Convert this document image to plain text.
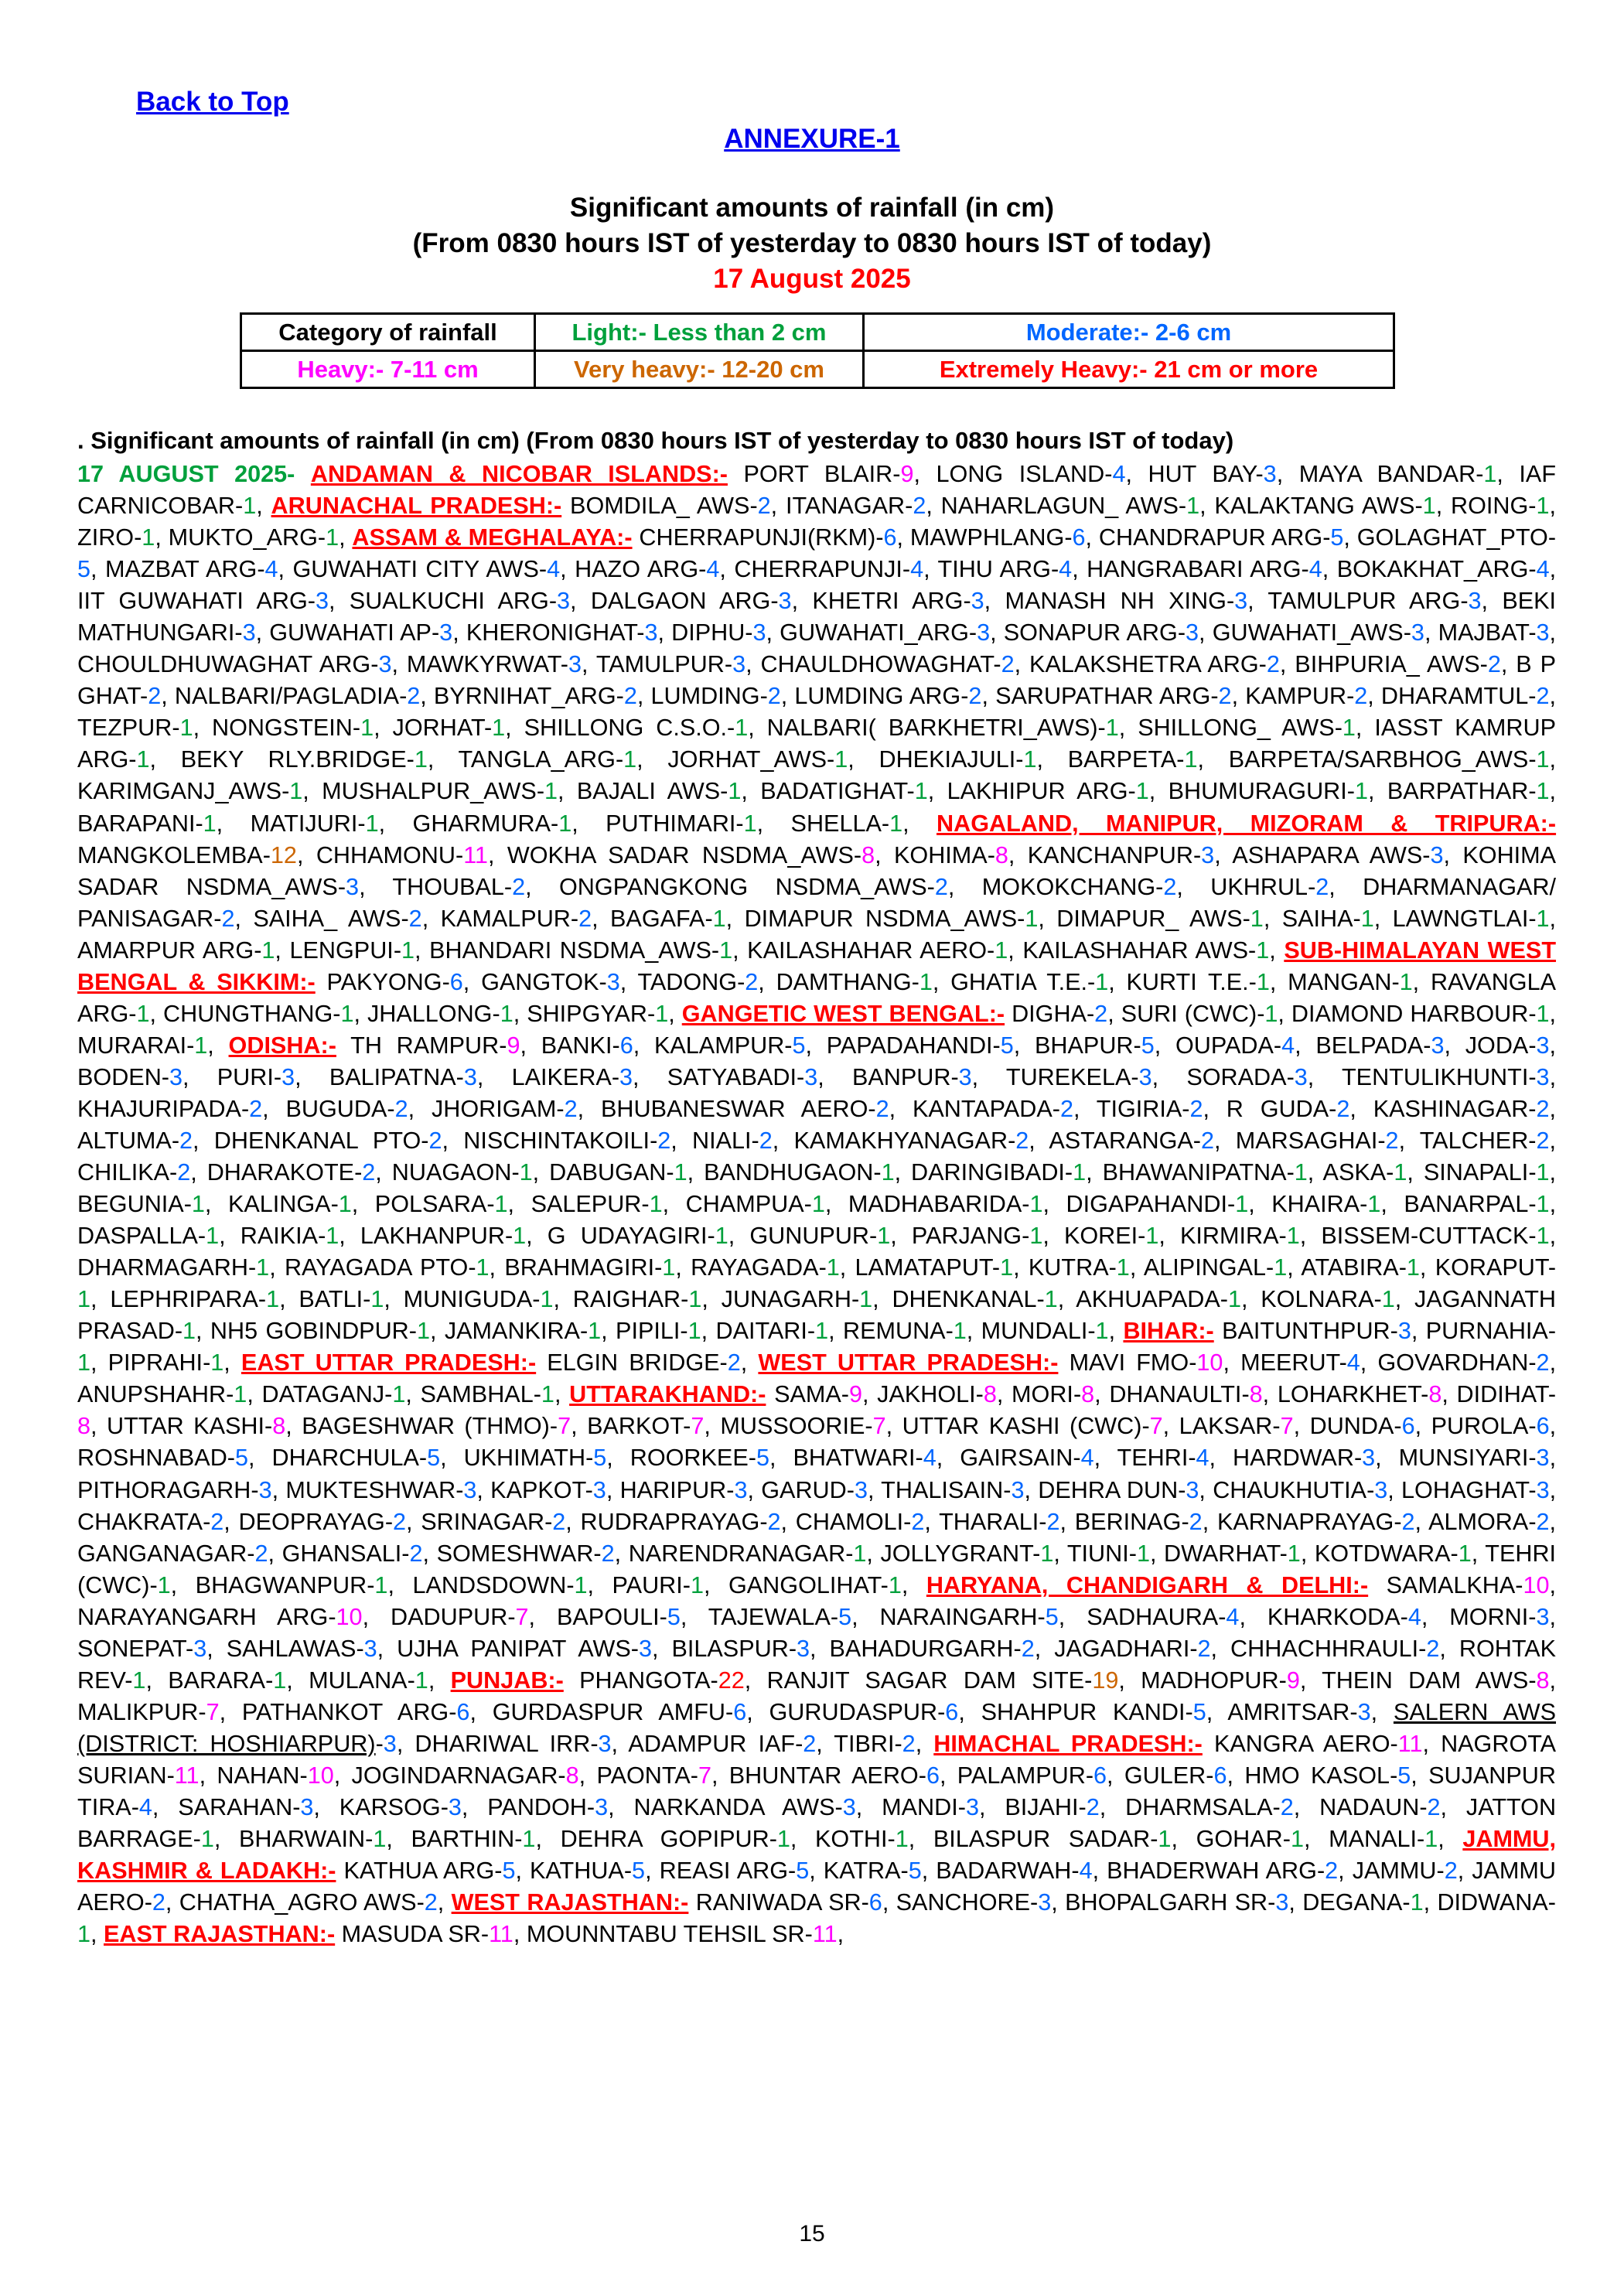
Back to Top
ANNEXURE-1
Significant amounts of rainfall (in cm)
(From 0830 hours IST of yesterday to 0830 hours IST of today)
17 August 2025
Category of rainfall	Light:- Less than 2 cm	Moderate:- 2-6 cm
Heavy:- 7-11 cm	Very heavy:- 12-20 cm	Extremely Heavy:- 21 cm or more
. Significant amounts of rainfall (in cm) (From 0830 hours IST of yesterday to 0830 hours IST of today)
17 AUGUST 2025- ANDAMAN & NICOBAR ISLANDS:- PORT BLAIR-9, LONG ISLAND-4, HUT BAY-3, MAYA BANDAR-1, IAF CARNICOBAR-1, ARUNACHAL PRADESH:- BOMDILA_ AWS-2, ITANAGAR-2, NAHARLAGUN_ AWS-1, KALAKTANG AWS-1, ROING-1, ZIRO-1, MUKTO_ARG-1, ASSAM & MEGHALAYA:- CHERRAPUNJI(RKM)-6, MAWPHLANG-6, CHANDRAPUR ARG-5, GOLAGHAT_PTO-5, MAZBAT ARG-4, GUWAHATI CITY AWS-4, HAZO ARG-4, CHERRAPUNJI-4, TIHU ARG-4, HANGRABARI ARG-4, BOKAKHAT_ARG-4, IIT GUWAHATI ARG-3, SUALKUCHI ARG-3, DALGAON ARG-3, KHETRI ARG-3, MANASH NH XING-3, TAMULPUR ARG-3, BEKI MATHUNGARI-3, GUWAHATI AP-3, KHERONIGHAT-3, DIPHU-3, GUWAHATI_ARG-3, SONAPUR ARG-3, GUWAHATI_AWS-3, MAJBAT-3, CHOULDHUWAGHAT ARG-3, MAWKYRWAT-3, TAMULPUR-3, CHAULDHOWAGHAT-2, KALAKSHETRA ARG-2, BIHPURIA_ AWS-2, B P GHAT-2, NALBARI/PAGLADIA-2, BYRNIHAT_ARG-2, LUMDING-2, LUMDING ARG-2, SARUPATHAR ARG-2, KAMPUR-2, DHARAMTUL-2, TEZPUR-1, NONGSTEIN-1, JORHAT-1, SHILLONG C.S.O.-1, NALBARI( BARKHETRI_AWS)-1, SHILLONG_ AWS-1, IASST KAMRUP ARG-1, BEKY RLY.BRIDGE-1, TANGLA_ARG-1, JORHAT_AWS-1, DHEKIAJULI-1, BARPETA-1, BARPETA/SARBHOG_AWS-1, KARIMGANJ_AWS-1, MUSHALPUR_AWS-1, BAJALI AWS-1, BADATIGHAT-1, LAKHIPUR ARG-1, BHUMURAGURI-1, BARPATHAR-1, BARAPANI-1, MATIJURI-1, GHARMURA-1, PUTHIMARI-1, SHELLA-1, NAGALAND, MANIPUR, MIZORAM & TRIPURA:- MANGKOLEMBA-12, CHHAMONU-11, WOKHA SADAR NSDMA_AWS-8, KOHIMA-8, KANCHANPUR-3, ASHAPARA AWS-3, KOHIMA SADAR NSDMA_AWS-3, THOUBAL-2, ONGPANGKONG NSDMA_AWS-2, MOKOKCHANG-2, UKHRUL-2, DHARMANAGAR/ PANISAGAR-2, SAIHA_ AWS-2, KAMALPUR-2, BAGAFA-1, DIMAPUR NSDMA_AWS-1, DIMAPUR_ AWS-1, SAIHA-1, LAWNGTLAI-1, AMARPUR ARG-1, LENGPUI-1, BHANDARI NSDMA_AWS-1, KAILASHAHAR AERO-1, KAILASHAHAR AWS-1, SUB-HIMALAYAN WEST BENGAL & SIKKIM:- PAKYONG-6, GANGTOK-3, TADONG-2, DAMTHANG-1, GHATIA T.E.-1, KURTI T.E.-1, MANGAN-1, RAVANGLA ARG-1, CHUNGTHANG-1, JHALLONG-1, SHIPGYAR-1, GANGETIC WEST BENGAL:- DIGHA-2, SURI (CWC)-1, DIAMOND HARBOUR-1, MURARAI-1, ODISHA:- TH RAMPUR-9, BANKI-6, KALAMPUR-5, PAPADAHANDI-5, BHAPUR-5, OUPADA-4, BELPADA-3, JODA-3, BODEN-3, PURI-3, BALIPATNA-3, LAIKERA-3, SATYABADI-3, BANPUR-3, TUREKELA-3, SORADA-3, TENTULIKHUNTI-3, KHAJURIPADA-2, BUGUDA-2, JHORIGAM-2, BHUBANESWAR AERO-2, KANTAPADA-2, TIGIRIA-2, R GUDA-2, KASHINAGAR-2, ALTUMA-2, DHENKANAL PTO-2, NISCHINTAKOILI-2, NIALI-2, KAMAKHYANAGAR-2, ASTARANGA-2, MARSAGHAI-2, TALCHER-2, CHILIKA-2, DHARAKOTE-2, NUAGAON-1, DABUGAN-1, BANDHUGAON-1, DARINGIBADI-1, BHAWANIPATNA-1, ASKA-1, SINAPALI-1, BEGUNIA-1, KALINGA-1, POLSARA-1, SALEPUR-1, CHAMPUA-1, MADHABARIDA-1, DIGAPAHANDI-1, KHAIRA-1, BANARPAL-1, DASPALLA-1, RAIKIA-1, LAKHANPUR-1, G UDAYAGIRI-1, GUNUPUR-1, PARJANG-1, KOREI-1, KIRMIRA-1, BISSEM-CUTTACK-1, DHARMAGARH-1, RAYAGADA PTO-1, BRAHMAGIRI-1, RAYAGADA-1, LAMATAPUT-1, KUTRA-1, ALIPINGAL-1, ATABIRA-1, KORAPUT-1, LEPHRIPARA-1, BATLI-1, MUNIGUDA-1, RAIGHAR-1, JUNAGARH-1, DHENKANAL-1, AKHUAPADA-1, KOLNARA-1, JAGANNATH PRASAD-1, NH5 GOBINDPUR-1, JAMANKIRA-1, PIPILI-1, DAITARI-1, REMUNA-1, MUNDALI-1, BIHAR:- BAITUNTHPUR-3, PURNAHIA-1, PIPRAHI-1, EAST UTTAR PRADESH:- ELGIN BRIDGE-2, WEST UTTAR PRADESH:- MAVI FMO-10, MEERUT-4, GOVARDHAN-2, ANUPSHAHR-1, DATAGANJ-1, SAMBHAL-1, UTTARAKHAND:- SAMA-9, JAKHOLI-8, MORI-8, DHANAULTI-8, LOHARKHET-8, DIDIHAT-8, UTTAR KASHI-8, BAGESHWAR (THMO)-7, BARKOT-7, MUSSOORIE-7, UTTAR KASHI (CWC)-7, LAKSAR-7, DUNDA-6, PUROLA-6, ROSHNABAD-5, DHARCHULA-5, UKHIMATH-5, ROORKEE-5, BHATWARI-4, GAIRSAIN-4, TEHRI-4, HARDWAR-3, MUNSIYARI-3, PITHORAGARH-3, MUKTESHWAR-3, KAPKOT-3, HARIPUR-3, GARUD-3, THALISAIN-3, DEHRA DUN-3, CHAUKHUTIA-3, LOHAGHAT-3, CHAKRATA-2, DEOPRAYAG-2, SRINAGAR-2, RUDRAPRAYAG-2, CHAMOLI-2, THARALI-2, BERINAG-2, KARNAPRAYAG-2, ALMORA-2, GANGANAGAR-2, GHANSALI-2, SOMESHWAR-2, NARENDRANAGAR-1, JOLLYGRANT-1, TIUNI-1, DWARHAT-1, KOTDWARA-1, TEHRI (CWC)-1, BHAGWANPUR-1, LANDSDOWN-1, PAURI-1, GANGOLIHAT-1, HARYANA, CHANDIGARH & DELHI:- SAMALKHA-10, NARAYANGARH ARG-10, DADUPUR-7, BAPOULI-5, TAJEWALA-5, NARAINGARH-5, SADHAURA-4, KHARKODA-4, MORNI-3, SONEPAT-3, SAHLAWAS-3, UJHA PANIPAT AWS-3, BILASPUR-3, BAHADURGARH-2, JAGADHARI-2, CHHACHHRAULI-2, ROHTAK REV-1, BARARA-1, MULANA-1, PUNJAB:- PHANGOTA-22, RANJIT SAGAR DAM SITE-19, MADHOPUR-9, THEIN DAM AWS-8, MALIKPUR-7, PATHANKOT ARG-6, GURDASPUR AMFU-6, GURUDASPUR-6, SHAHPUR KANDI-5, AMRITSAR-3, SALERN AWS (DISTRICT: HOSHIARPUR)-3, DHARIWAL IRR-3, ADAMPUR IAF-2, TIBRI-2, HIMACHAL PRADESH:- KANGRA AERO-11, NAGROTA SURIAN-11, NAHAN-10, JOGINDARNAGAR-8, PAONTA-7, BHUNTAR AERO-6, PALAMPUR-6, GULER-6, HMO KASOL-5, SUJANPUR TIRA-4, SARAHAN-3, KARSOG-3, PANDOH-3, NARKANDA AWS-3, MANDI-3, BIJAHI-2, DHARMSALA-2, NADAUN-2, JATTON BARRAGE-1, BHARWAIN-1, BARTHIN-1, DEHRA GOPIPUR-1, KOTHI-1, BILASPUR SADAR-1, GOHAR-1, MANALI-1, JAMMU, KASHMIR & LADAKH:- KATHUA ARG-5, KATHUA-5, REASI ARG-5, KATRA-5, BADARWAH-4, BHADERWAH ARG-2, JAMMU-2, JAMMU AERO-2, CHATHA_AGRO AWS-2, WEST RAJASTHAN:- RANIWADA SR-6, SANCHORE-3, BHOPALGARH SR-3, DEGANA-1, DIDWANA-1, EAST RAJASTHAN:- MASUDA SR-11, MOUNNTABU TEHSIL SR-11,
15
